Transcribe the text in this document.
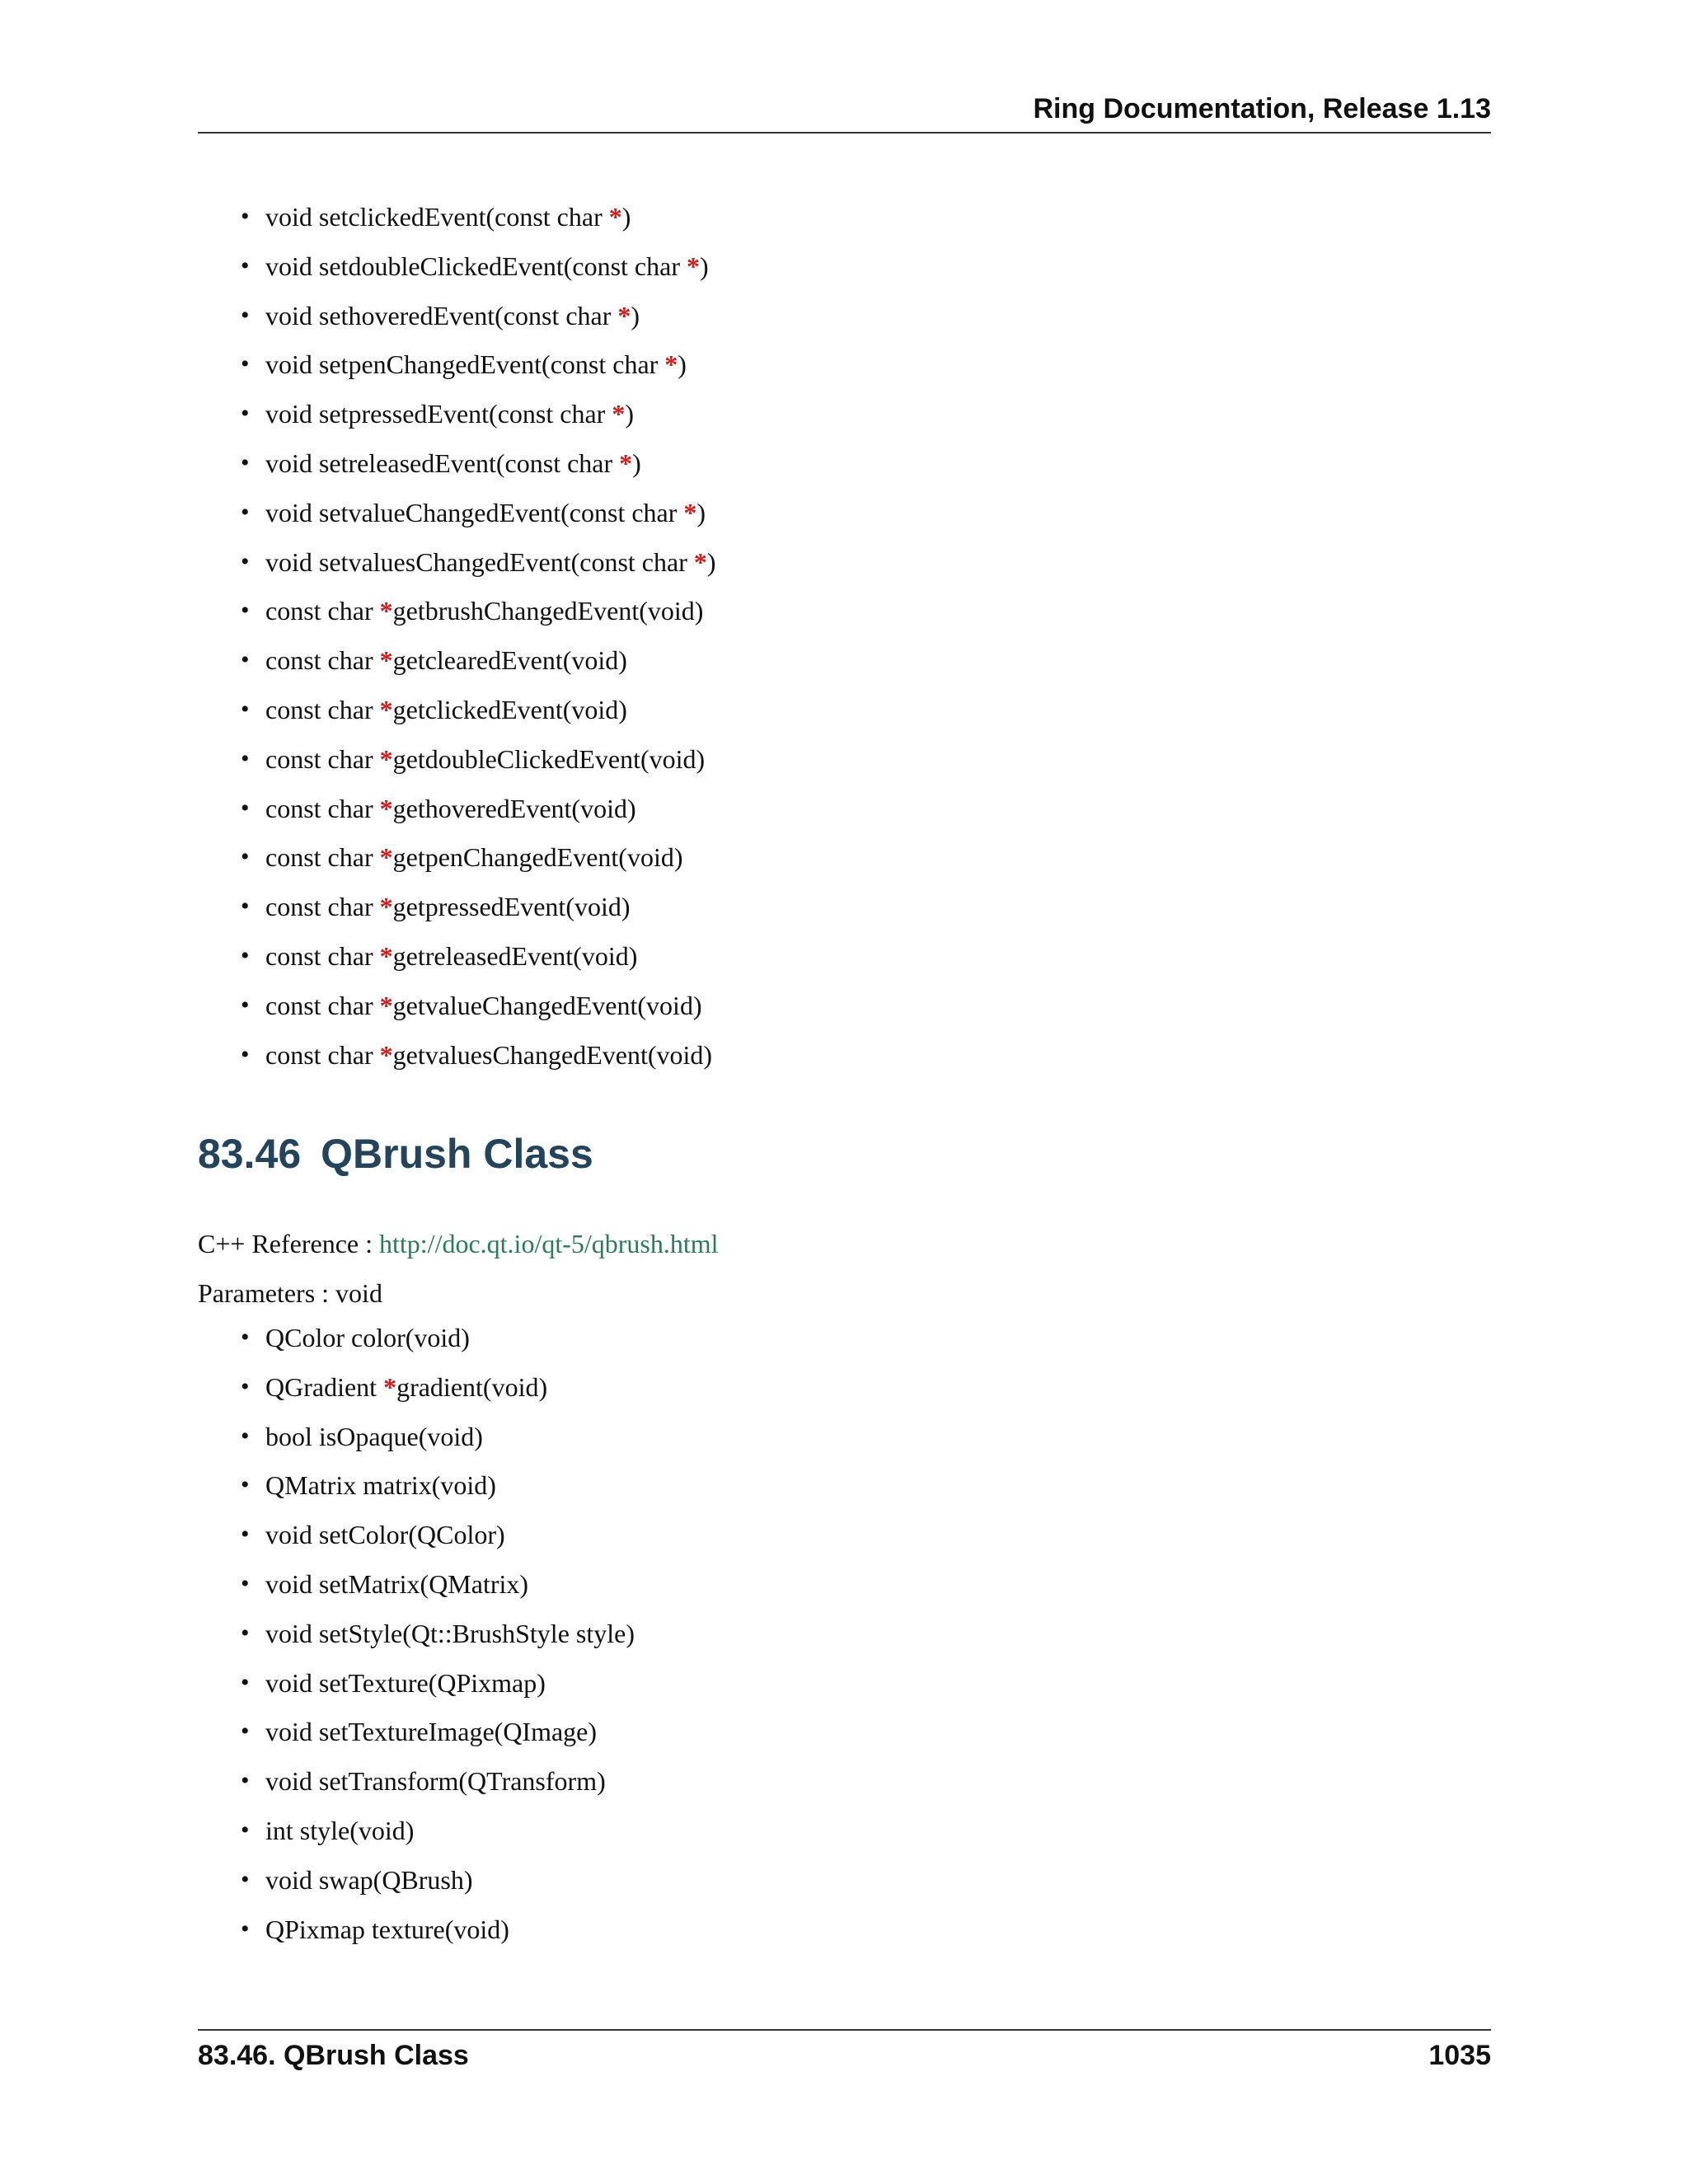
Ring Documentation, Release 1.13
• void setclickedEvent(const char *)
• void setdoubleClickedEvent(const char *)
• void sethoveredEvent(const char *)
• void setpenChangedEvent(const char *)
• void setpressedEvent(const char *)
• void setreleasedEvent(const char *)
• void setvalueChangedEvent(const char *)
• void setvaluesChangedEvent(const char *)
• const char *getbrushChangedEvent(void)
• const char *getclearedEvent(void)
• const char *getclickedEvent(void)
• const char *getdoubleClickedEvent(void)
• const char *gethoveredEvent(void)
• const char *getpenChangedEvent(void)
• const char *getpressedEvent(void)
• const char *getreleasedEvent(void)
• const char *getvalueChangedEvent(void)
• const char *getvaluesChangedEvent(void)
83.46 QBrush Class
C++ Reference : http://doc.qt.io/qt-5/qbrush.html
Parameters : void
• QColor color(void)
• QGradient *gradient(void)
• bool isOpaque(void)
• QMatrix matrix(void)
• void setColor(QColor)
• void setMatrix(QMatrix)
• void setStyle(Qt::BrushStyle style)
• void setTexture(QPixmap)
• void setTextureImage(QImage)
• void setTransform(QTransform)
• int style(void)
• void swap(QBrush)
• QPixmap texture(void)
83.46. QBrush Class	1035
